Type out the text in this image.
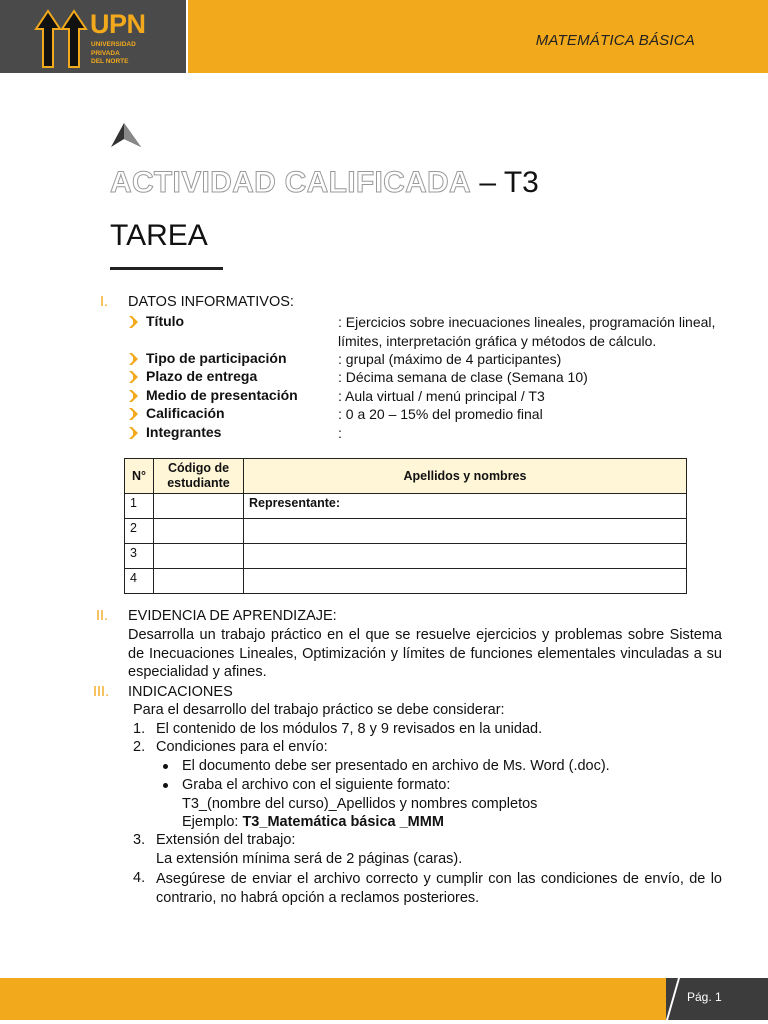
UPN
UNIVERSIDAD
PRIVADA
DEL NORTE
MATEMÁTICA BÁSICA
ACTIVIDAD CALIFICADA – T3
TAREA
I. DATOS INFORMATIVOS:
Título	: Ejercicios sobre inecuaciones lineales, programación lineal, límites, interpretación gráfica y métodos de cálculo.
Tipo de participación	: grupal (máximo de 4 participantes)
Plazo de entrega	: Décima semana de clase (Semana 10)
Medio de presentación	: Aula virtual / menú principal / T3
Calificación	: 0 a 20 – 15% del promedio final
Integrantes	:
N°	Código de estudiante	Apellidos y nombres
1		Representante:
2		
3		
4		
II. EVIDENCIA DE APRENDIZAJE:
Desarrolla un trabajo práctico en el que se resuelve ejercicios y problemas sobre Sistema de Inecuaciones Lineales, Optimización y límites de funciones elementales vinculadas a su especialidad y afines.
III. INDICACIONES
Para el desarrollo del trabajo práctico se debe considerar:
1. El contenido de los módulos 7, 8 y 9 revisados en la unidad.
2. Condiciones para el envío:
El documento debe ser presentado en archivo de Ms. Word (.doc).
Graba el archivo con el siguiente formato:
T3_(nombre del curso)_Apellidos y nombres completos
Ejemplo: T3_Matemática básica _MMM
3. Extensión del trabajo:
La extensión mínima será de 2 páginas (caras).
4. Asegúrese de enviar el archivo correcto y cumplir con las condiciones de envío, de lo contrario, no habrá opción a reclamos posteriores.
Pág. 1
